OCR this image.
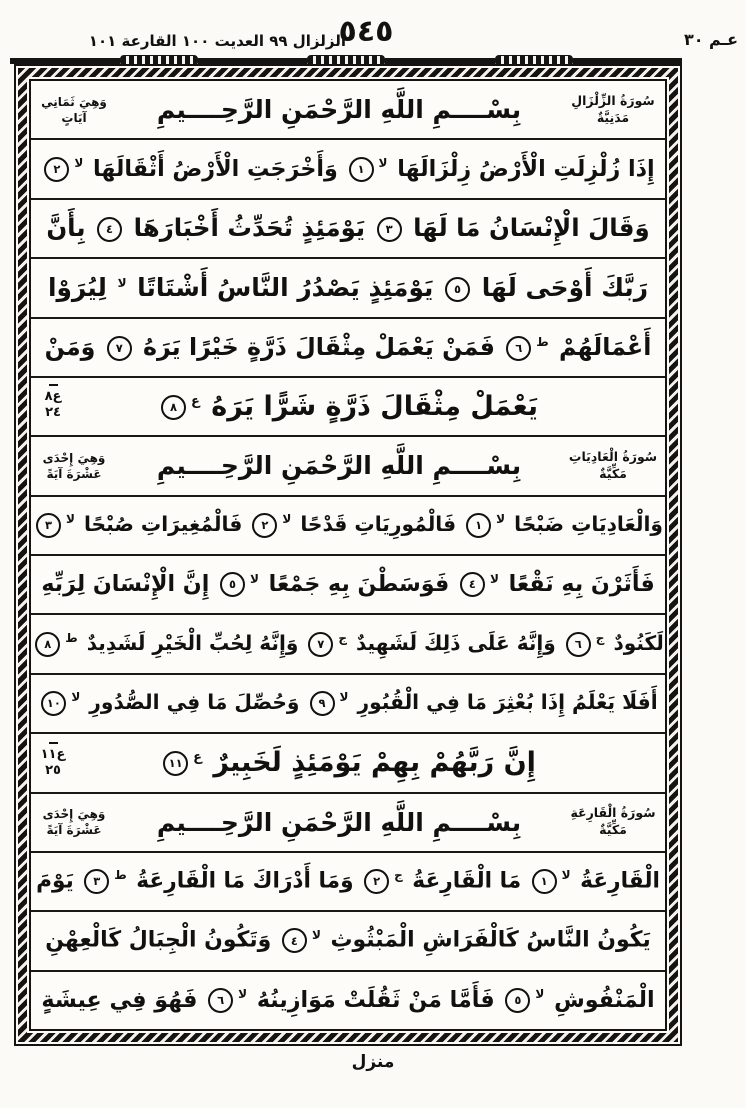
الزلزال ٩٩ العديت ١٠٠ القارعة ١٠١
٥٤٥	عـم ٣٠
سُورَةُ الزِّلْزَالِ مَدَنِيَّةٌ
بِسْــــمِ اللَّهِ الرَّحْمَنِ الرَّحِــــيمِ
وَهِيَ ثَمَانِي آيَاتٍ
إِذَا زُلْزِلَتِ الْأَرْضُ زِلْزَالَهَا $^{لا}$١ وَأَخْرَجَتِ الْأَرْضُ أَثْقَالَهَا $^{لا}$٢
وَقَالَ الْإِنْسَانُ مَا لَهَا ٣ يَوْمَئِذٍ تُحَدِّثُ أَخْبَارَهَا ٤ بِأَنَّ
رَبَّكَ أَوْحَى لَهَا ٥ يَوْمَئِذٍ يَصْدُرُ النَّاسُ أَشْتَاتًا $^{لا}$ لِيُرَوْا
أَعْمَالَهُمْ $^ط$٦ فَمَنْ يَعْمَلْ مِثْقَالَ ذَرَّةٍ خَيْرًا يَرَهُ ٧ وَمَنْ
يَعْمَلْ مِثْقَالَ ذَرَّةٍ شَرًّا يَرَهُ $^ع$٨
سُورَةُ الْعَادِيَاتِ مَكِّيَّةٌ
بِسْــــمِ اللَّهِ الرَّحْمَنِ الرَّحِــــيمِ
وَهِيَ إِحْدَى عَشْرَةَ آيَةً
وَالْعَادِيَاتِ ضَبْحًا $^{لا}$١ فَالْمُورِيَاتِ قَدْحًا $^{لا}$٢ فَالْمُغِيرَاتِ صُبْحًا $^{لا}$٣
فَأَثَرْنَ بِهِ نَقْعًا $^{لا}$٤ فَوَسَطْنَ بِهِ جَمْعًا $^{لا}$٥ إِنَّ الْإِنْسَانَ لِرَبِّهِ
لَكَنُودٌ $^ج$٦ وَإِنَّهُ عَلَى ذَلِكَ لَشَهِيدٌ $^ج$٧ وَإِنَّهُ لِحُبِّ الْخَيْرِ لَشَدِيدٌ $^ط$٨
أَفَلَا يَعْلَمُ إِذَا بُعْثِرَ مَا فِي الْقُبُورِ $^{لا}$٩ وَحُصِّلَ مَا فِي الصُّدُورِ $^{لا}$١٠
إِنَّ رَبَّهُمْ بِهِمْ يَوْمَئِذٍ لَخَبِيرٌ $^ع$١١
سُورَةُ الْقَارِعَةِ مَكِّيَّةٌ
بِسْــــمِ اللَّهِ الرَّحْمَنِ الرَّحِــــيمِ
وَهِيَ إِحْدَى عَشْرَةَ آيَةً
الْقَارِعَةُ $^{لا}$١ مَا الْقَارِعَةُ $^ج$٢ وَمَا أَدْرَاكَ مَا الْقَارِعَةُ $^ط$٣ يَوْمَ
يَكُونُ النَّاسُ كَالْفَرَاشِ الْمَبْثُوثِ $^{لا}$٤ وَتَكُونُ الْجِبَالُ كَالْعِهْنِ
الْمَنْفُوشِ $^{لا}$٥ فَأَمَّا مَنْ ثَقُلَتْ مَوَازِينُهُ $^{لا}$٦ فَهُوَ فِي عِيشَةٍ
ع٨
٢٤
ع١١
٢٥
منزل
